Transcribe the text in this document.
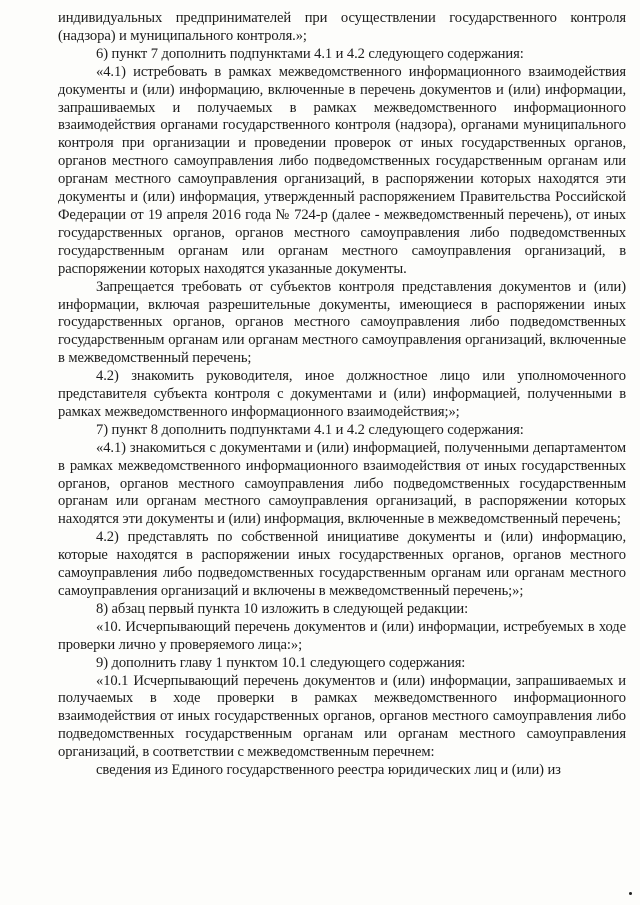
индивидуальных предпринимателей при осуществлении государственного контроля (надзора) и муниципального контроля.»;

6) пункт 7 дополнить подпунктами 4.1 и 4.2 следующего содержания:

«4.1) истребовать в рамках межведомственного информационного взаимодействия документы и (или) информацию, включенные в перечень документов и (или) информации, запрашиваемых и получаемых в рамках межведомственного информационного взаимодействия органами государственного контроля (надзора), органами муниципального контроля при организации и проведении проверок от иных государственных органов, органов местного самоуправления либо подведомственных государственным органам или органам местного самоуправления организаций, в распоряжении которых находятся эти документы и (или) информация, утвержденный распоряжением Правительства Российской Федерации от 19 апреля 2016 года № 724-р (далее - межведомственный перечень), от иных государственных органов, органов местного самоуправления либо подведомственных государственным органам или органам местного самоуправления организаций, в распоряжении которых находятся указанные документы.

Запрещается требовать от субъектов контроля представления документов и (или) информации, включая разрешительные документы, имеющиеся в распоряжении иных государственных органов, органов местного самоуправления либо подведомственных государственным органам или органам местного самоуправления организаций, включенные в межведомственный перечень;

4.2) знакомить руководителя, иное должностное лицо или уполномоченного представителя субъекта контроля с документами и (или) информацией, полученными в рамках межведомственного информационного взаимодействия;»;

7) пункт 8 дополнить подпунктами 4.1 и 4.2 следующего содержания:

«4.1) знакомиться с документами и (или) информацией, полученными департаментом в рамках межведомственного информационного взаимодействия от иных государственных органов, органов местного самоуправления либо подведомственных государственным органам или органам местного самоуправления организаций, в распоряжении которых находятся эти документы и (или) информация, включенные в межведомственный перечень;

4.2) представлять по собственной инициативе документы и (или) информацию, которые находятся в распоряжении иных государственных органов, органов местного самоуправления либо подведомственных государственным органам или органам местного самоуправления организаций и включены в межведомственный перечень;»;

8) абзац первый пункта 10 изложить в следующей редакции:

«10. Исчерпывающий перечень документов и (или) информации, истребуемых в ходе проверки лично у проверяемого лица:»;

9) дополнить главу 1 пунктом 10.1 следующего содержания:

«10.1 Исчерпывающий перечень документов и (или) информации, запрашиваемых и получаемых в ходе проверки в рамках межведомственного информационного взаимодействия от иных государственных органов, органов местного самоуправления либо подведомственных государственным органам или органам местного самоуправления организаций, в соответствии с межведомственным перечнем:

сведения из Единого государственного реестра юридических лиц и (или) из
